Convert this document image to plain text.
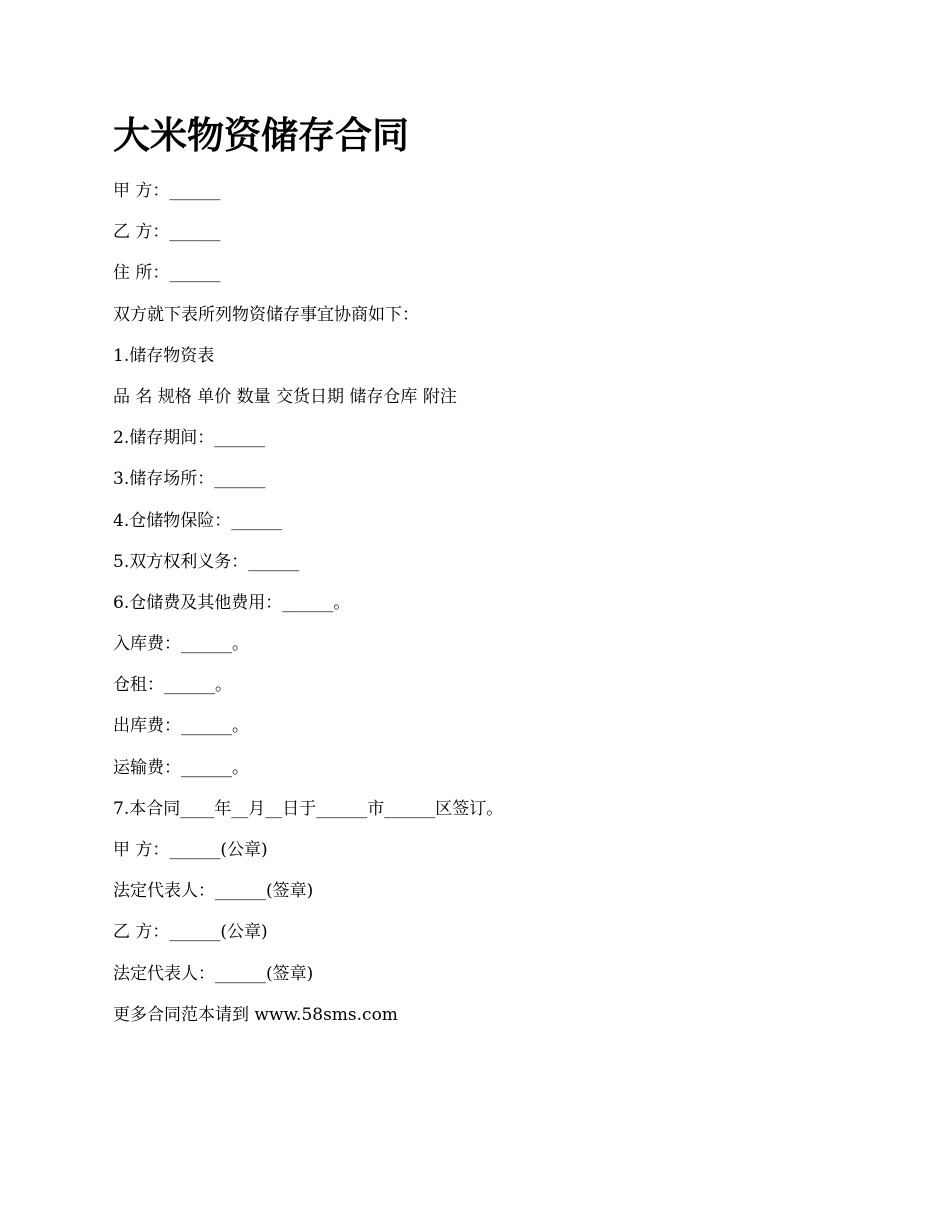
大米物资储存合同
甲 方：______
乙 方：______
住 所：______
双方就下表所列物资储存事宜协商如下：
1.储存物资表
品 名 规格 单价 数量 交货日期 储存仓库 附注
2.储存期间：______
3.储存场所：______
4.仓储物保险：______
5.双方权利义务：______
6.仓储费及其他费用：______。
入库费：______。
仓租：______。
出库费：______。
运输费：______。
7.本合同____年__月__日于______市______区签订。
甲 方：______(公章)
法定代表人：______(签章)
乙 方：______(公章)
法定代表人：______(签章)
更多合同范本请到 www.58sms.com
